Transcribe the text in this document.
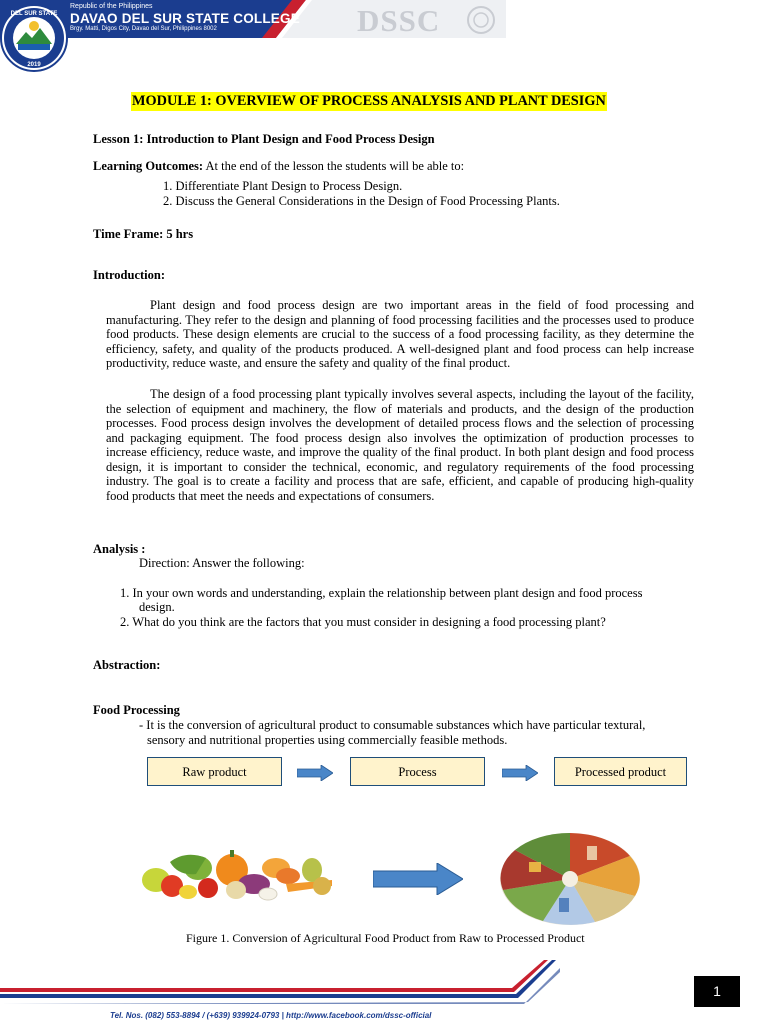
Republic of the Philippines
DAVAO DEL SUR STATE COLLEGE
Brgy. Matti, Digos City, Davao del Sur, Philippines 8002	DSSC
DEL SUR STATE
2019
MODULE 1: OVERVIEW OF PROCESS ANALYSIS AND PLANT DESIGN
Lesson 1: Introduction to Plant Design and Food Process Design
Learning Outcomes: At the end of the lesson the students will be able to:
1. Differentiate Plant Design to Process Design.
2. Discuss the General Considerations in the Design of Food Processing Plants.
Time Frame: 5 hrs
Introduction:
Plant design and food process design are two important areas in the field of food processing and manufacturing. They refer to the design and planning of food processing facilities and the processes used to produce food products. These design elements are crucial to the success of a food processing facility, as they determine the efficiency, safety, and quality of the products produced. A well-designed plant and food process can help increase productivity, reduce waste, and ensure the safety and quality of the final product.
The design of a food processing plant typically involves several aspects, including the layout of the facility, the selection of equipment and machinery, the flow of materials and products, and the design of the production processes. Food process design involves the development of detailed process flows and the selection of processing and packaging equipment. The food process design also involves the optimization of production processes to increase efficiency, reduce waste, and improve the quality of the final product. In both plant design and food process design, it is important to consider the technical, economic, and regulatory requirements of the food processing industry. The goal is to create a facility and process that are safe, efficient, and capable of producing high-quality food products that meet the needs and expectations of consumers.
Analysis :
Direction: Answer the following:
1. In your own words and understanding, explain the relationship between plant design and food process
design.
2. What do you think are the factors that you must consider in designing a food processing plant?
Abstraction:
Food Processing
- It is the conversion of agricultural product to consumable substances which have particular textural,
sensory and nutritional properties using commercially feasible methods.
Raw product	Process	Processed product
Figure 1. Conversion of Agricultural Food Product from Raw to Processed Product
Tel. Nos. (082) 553-8894 / (+639) 939924-0793 | http://www.facebook.com/dssc-official
1
